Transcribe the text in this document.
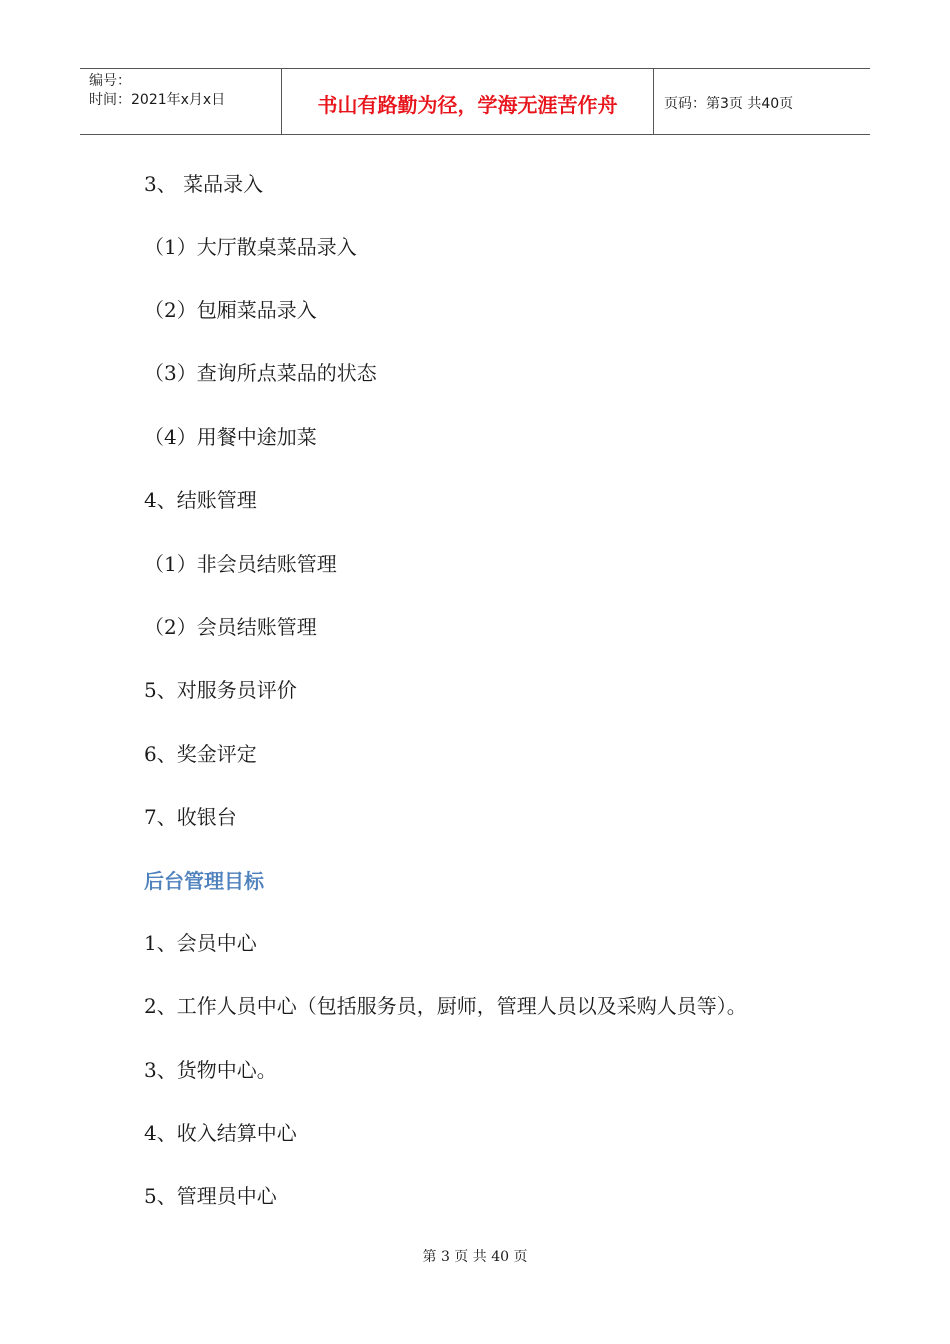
编号：
时间：2021年x月x日	书山有路勤为径，学海无涯苦作舟	页码：第3页 共40页
3、 菜品录入
（1）大厅散桌菜品录入
（2）包厢菜品录入
（3）查询所点菜品的状态
（4）用餐中途加菜
4、结账管理
（1）非会员结账管理
（2）会员结账管理
5、对服务员评价
6、奖金评定
7、收银台
后台管理目标
1、会员中心
2、工作人员中心（包括服务员，厨师，管理人员以及采购人员等）。
3、货物中心。
4、收入结算中心
5、管理员中心
第 3 页 共 40 页
